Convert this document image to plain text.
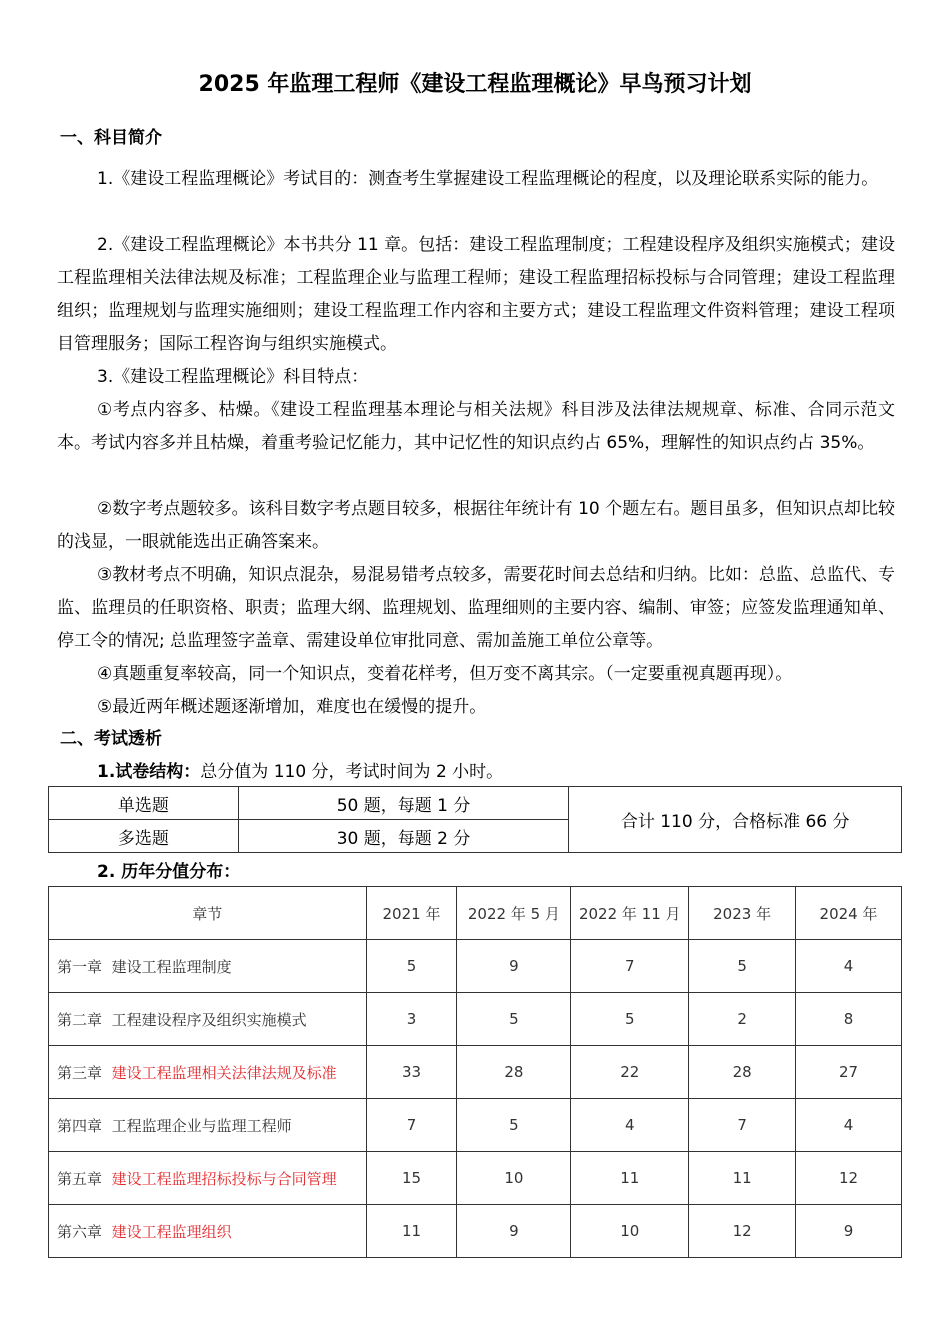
2025 年监理工程师《建设工程监理概论》早鸟预习计划
一、科目简介

1.《建设工程监理概论》考试目的：测查考生掌握建设工程监理概论的程度，以及理论联系实际的能力。

2.《建设工程监理概论》本书共分 11 章。包括：建设工程监理制度；工程建设程序及组织实施模式；建设工程监理相关法律法规及标准；工程监理企业与监理工程师；建设工程监理招标投标与合同管理；建设工程监理组织；监理规划与监理实施细则；建设工程监理工作内容和主要方式；建设工程监理文件资料管理；建设工程项目管理服务；国际工程咨询与组织实施模式。

3.《建设工程监理概论》科目特点：

①考点内容多、枯燥。《建设工程监理基本理论与相关法规》科目涉及法律法规规章、标准、合同示范文本。考试内容多并且枯燥，着重考验记忆能力，其中记忆性的知识点约占 65%，理解性的知识点约占 35%。

②数字考点题较多。该科目数字考点题目较多，根据往年统计有 10 个题左右。题目虽多，但知识点却比较的浅显，一眼就能选出正确答案来。

③教材考点不明确，知识点混杂，易混易错考点较多，需要花时间去总结和归纳。比如：总监、总监代、专监、监理员的任职资格、职责；监理大纲、监理规划、监理细则的主要内容、编制、审签；应签发监理通知单、停工令的情况; 总监理签字盖章、需建设单位审批同意、需加盖施工单位公章等。

④真题重复率较高，同一个知识点，变着花样考，但万变不离其宗。（一定要重视真题再现）。

⑤最近两年概述题逐渐增加，难度也在缓慢的提升。

二、考试透析
1.试卷结构：总分值为 110 分，考试时间为 2 小时。
单选题	50 题，每题 1 分	合计 110 分，合格标准 66 分
多选题	30 题，每题 2 分	
2. 历年分值分布：
章节	2021 年	2022 年 5 月	2022 年 11 月	2023 年	2024 年
第一章 建设工程监理制度	5	9	7	5	4
第二章 工程建设程序及组织实施模式	3	5	5	2	8
第三章 建设工程监理相关法律法规及标准	33	28	22	28	27
第四章 工程监理企业与监理工程师	7	5	4	7	4
第五章 建设工程监理招标投标与合同管理	15	10	11	11	12
第六章 建设工程监理组织	11	9	10	12	9
